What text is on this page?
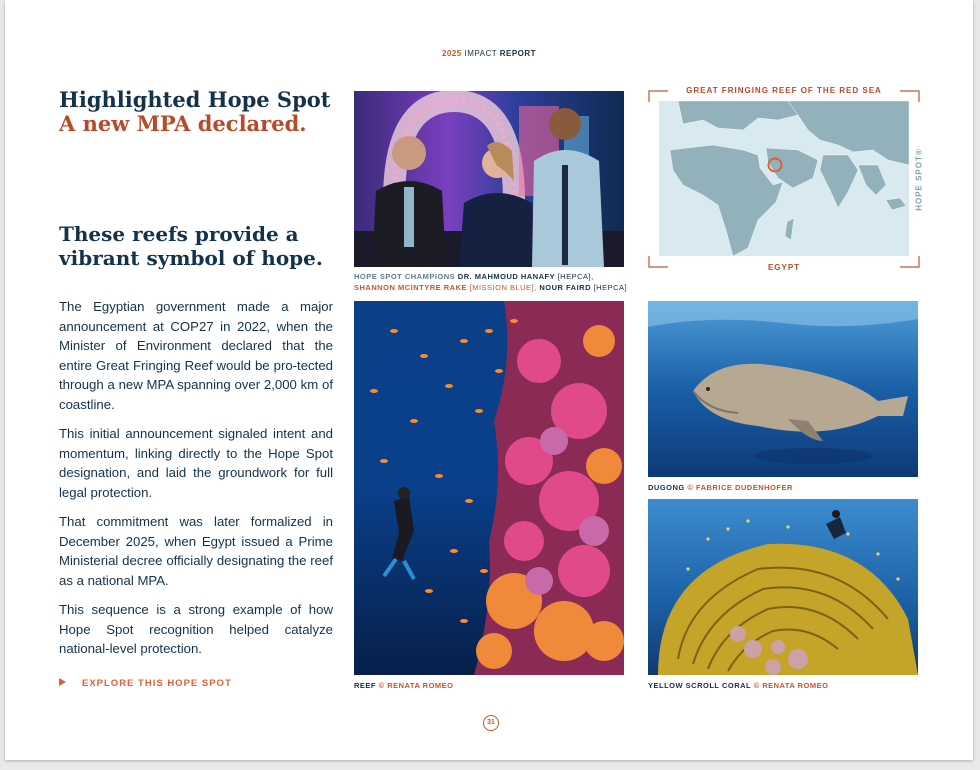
2025 IMPACT REPORT
Highlighted Hope Spot
A new MPA declared.
These reefs provide a vibrant symbol of hope.

The Egyptian government made a major announcement at COP27 in 2022, when the Minister of Environment declared that the entire Great Fringing Reef would be pro-tected through a new MPA spanning over 2,000 km of coastline.

This initial announcement signaled intent and momentum, linking directly to the Hope Spot designation, and laid the groundwork for full legal protection.

That commitment was later formalized in December 2025, when Egypt issued a Prime Ministerial decree officially designating the reef as a national MPA.

This sequence is a strong example of how Hope Spot recognition helped catalyze national-level protection.

EXPLORE THIS HOPE SPOT
HOPE SPOT CHAMPIONS DR. MAHMOUD HANAFY [HEPCA],
SHANNON MCINTYRE RAKE [MISSION BLUE], NOUR FAIRD [HEPCA]
GREAT FRINGING REEF OF THE RED SEA
EGYPT
HOPE SPOT®
REEF © RENATA ROMEO
DUGONG © FABRICE DUDENHOFER
YELLOW SCROLL CORAL © RENATA ROMEO
31
